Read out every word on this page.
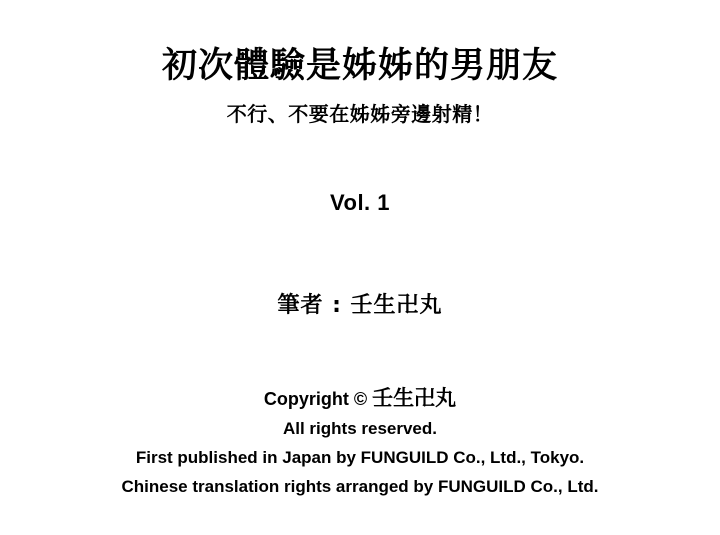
初次體驗是姊姊的男朋友
不行、不要在姊姊旁邊射精！
Vol. 1
筆者 : 壬生卍丸
Copyright © 壬生卍丸
All rights reserved.
First published in Japan by FUNGUILD Co., Ltd., Tokyo.
Chinese translation rights arranged by FUNGUILD Co., Ltd.
